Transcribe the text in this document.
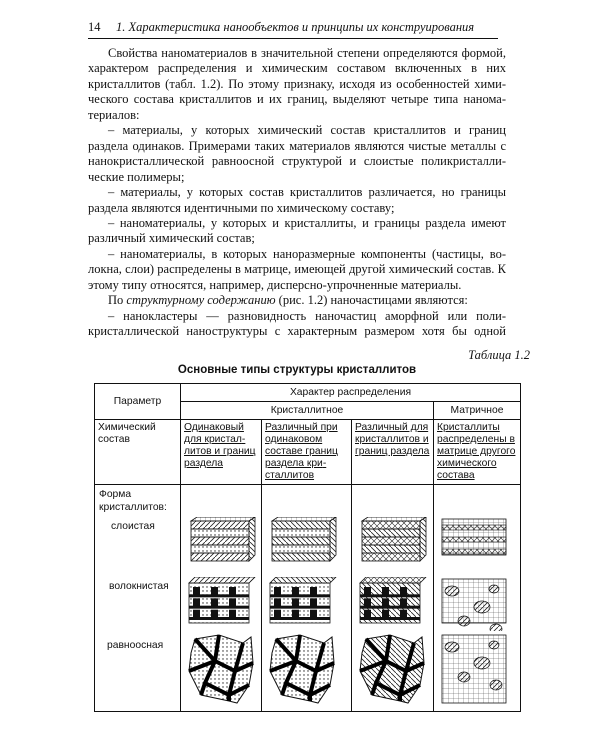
14 1. Характеристика нанообъектов и принципы их конструирования

Свойства наноматериалов в значительной степени определяются формой, характером распределения и химическим составом включенных в них кристаллитов (табл. 1.2). По этому признаку, исходя из особенностей химического состава кристаллитов и их границ, выделяют четыре типа наноматериалов:

– материалы, у которых химический состав кристаллитов и границ раздела одинаков. Примерами таких материалов являются чистые металлы с нанокристаллической равноосной структурой и слоистые поликристаллические полимеры;

– материалы, у которых состав кристаллитов различается, но границы раздела являются идентичными по химическому составу;

– наноматериалы, у которых и кристаллиты, и границы раздела имеют различный химический состав;

– наноматериалы, в которых наноразмерные компоненты (частицы, волокна, слои) распределены в матрице, имеющей другой химический состав. К этому типу относятся, например, дисперсно-упрочненные материалы.

По структурному содержанию (рис. 1.2) наночастицами являются:

– нанокластеры — разновидность наночастиц аморфной или поликристаллической наноструктуры с характерным размером хотя бы одной

Таблица 1.2
Основные типы структуры кристаллитов
Параметр	Характер распределения			
	Кристаллитное			Матричное
Химический состав	Одинаковый для кристаллитов и границ раздела	Различный при одинаковом составе границ раздела кристаллитов	Различный для кристаллитов и границ раздела	Кристаллиты распределены в матрице другого химического состава

Форма кристаллитов:
слоистая
волокнистая
равноосная
